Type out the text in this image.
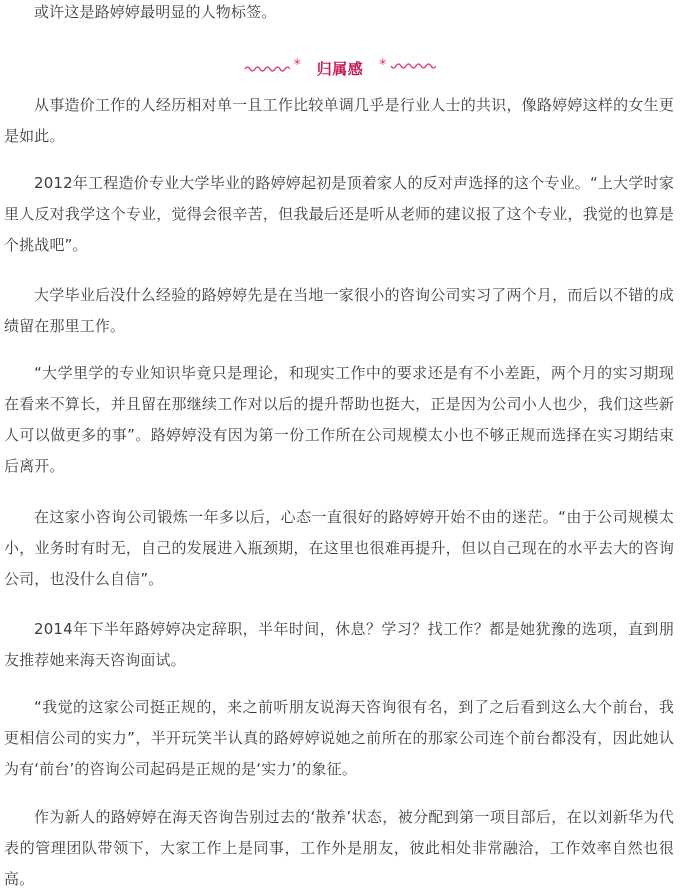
或许这是路婷婷最明显的人物标签。

* 归属感 *

从事造价工作的人经历相对单一且工作比较单调几乎是行业人士的共识，像路婷婷这样的女生更是如此。

2012年工程造价专业大学毕业的路婷婷起初是顶着家人的反对声选择的这个专业。“上大学时家里人反对我学这个专业，觉得会很辛苦，但我最后还是听从老师的建议报了这个专业，我觉的也算是个挑战吧”。

大学毕业后没什么经验的路婷婷先是在当地一家很小的咨询公司实习了两个月，而后以不错的成绩留在那里工作。

“大学里学的专业知识毕竟只是理论，和现实工作中的要求还是有不小差距，两个月的实习期现在看来不算长，并且留在那继续工作对以后的提升帮助也挺大，正是因为公司小人也少，我们这些新人可以做更多的事”。路婷婷没有因为第一份工作所在公司规模太小也不够正规而选择在实习期结束后离开。

在这家小咨询公司锻炼一年多以后，心态一直很好的路婷婷开始不由的迷茫。“由于公司规模太小，业务时有时无，自己的发展进入瓶颈期，在这里也很难再提升，但以自己现在的水平去大的咨询公司，也没什么自信”。

2014年下半年路婷婷决定辞职，半年时间，休息？学习？找工作？都是她犹豫的选项，直到朋友推荐她来海天咨询面试。

“我觉的这家公司挺正规的，来之前听朋友说海天咨询很有名，到了之后看到这么大个前台，我更相信公司的实力”，半开玩笑半认真的路婷婷说她之前所在的那家公司连个前台都没有，因此她认为有‘前台’的咨询公司起码是正规的是‘实力’的象征。

作为新人的路婷婷在海天咨询告别过去的‘散养’状态，被分配到第一项目部后，在以刘新华为代表的管理团队带领下，大家工作上是同事，工作外是朋友，彼此相处非常融洽，工作效率自然也很高。
